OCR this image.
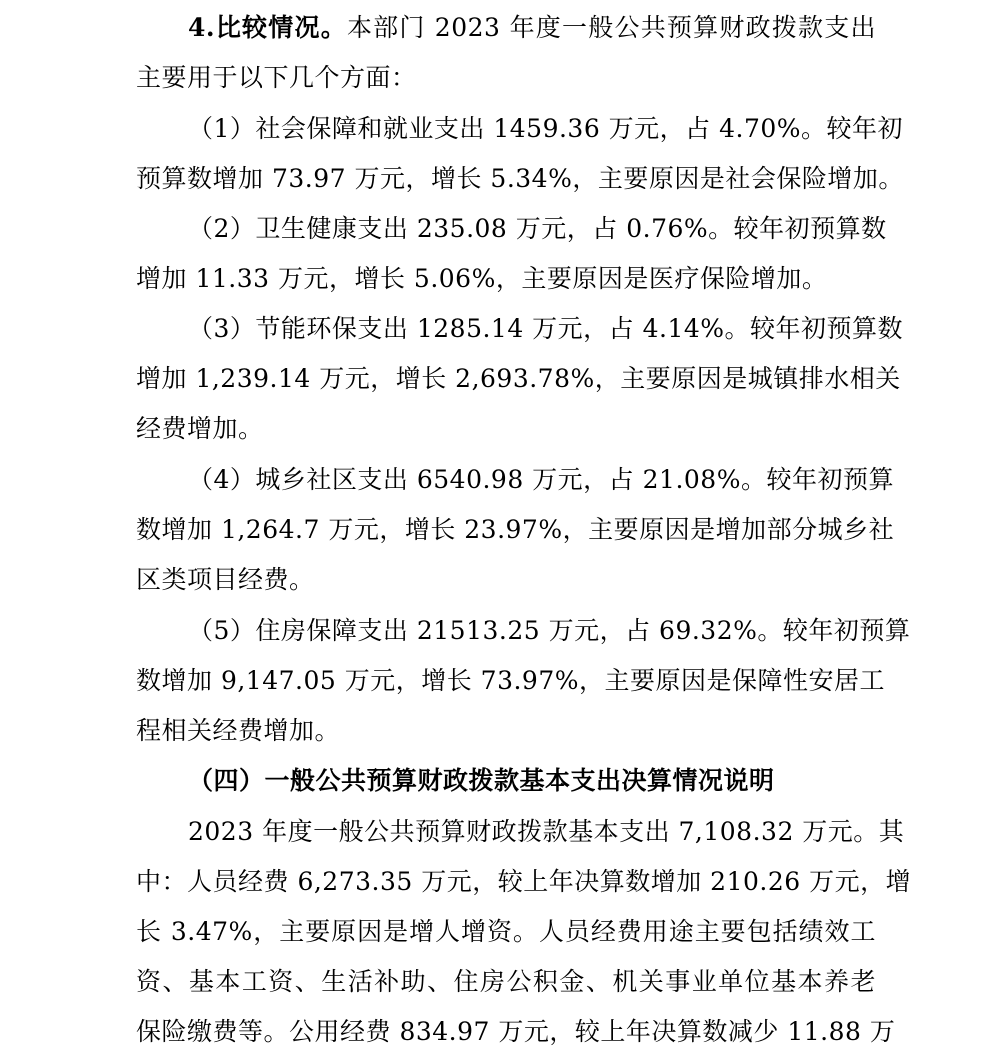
4.比较情况。本部门 2023 年度一般公共预算财政拨款支出
主要用于以下几个方面：
（1）社会保障和就业支出 1459.36 万元，占 4.70%。较年初
预算数增加 73.97 万元，增长 5.34%，主要原因是社会保险增加。
（2）卫生健康支出 235.08 万元，占 0.76%。较年初预算数
增加 11.33 万元，增长 5.06%，主要原因是医疗保险增加。
（3）节能环保支出 1285.14 万元，占 4.14%。较年初预算数
增加 1,239.14 万元，增长 2,693.78%，主要原因是城镇排水相关
经费增加。
（4）城乡社区支出 6540.98 万元，占 21.08%。较年初预算
数增加 1,264.7 万元，增长 23.97%，主要原因是增加部分城乡社
区类项目经费。
（5）住房保障支出 21513.25 万元，占 69.32%。较年初预算
数增加 9,147.05 万元，增长 73.97%，主要原因是保障性安居工
程相关经费增加。
（四）一般公共预算财政拨款基本支出决算情况说明
2023 年度一般公共预算财政拨款基本支出 7,108.32 万元。其
中：人员经费 6,273.35 万元，较上年决算数增加 210.26 万元，增
长 3.47%，主要原因是增人增资。人员经费用途主要包括绩效工
资、基本工资、生活补助、住房公积金、机关事业单位基本养老
保险缴费等。公用经费 834.97 万元，较上年决算数减少 11.88 万
